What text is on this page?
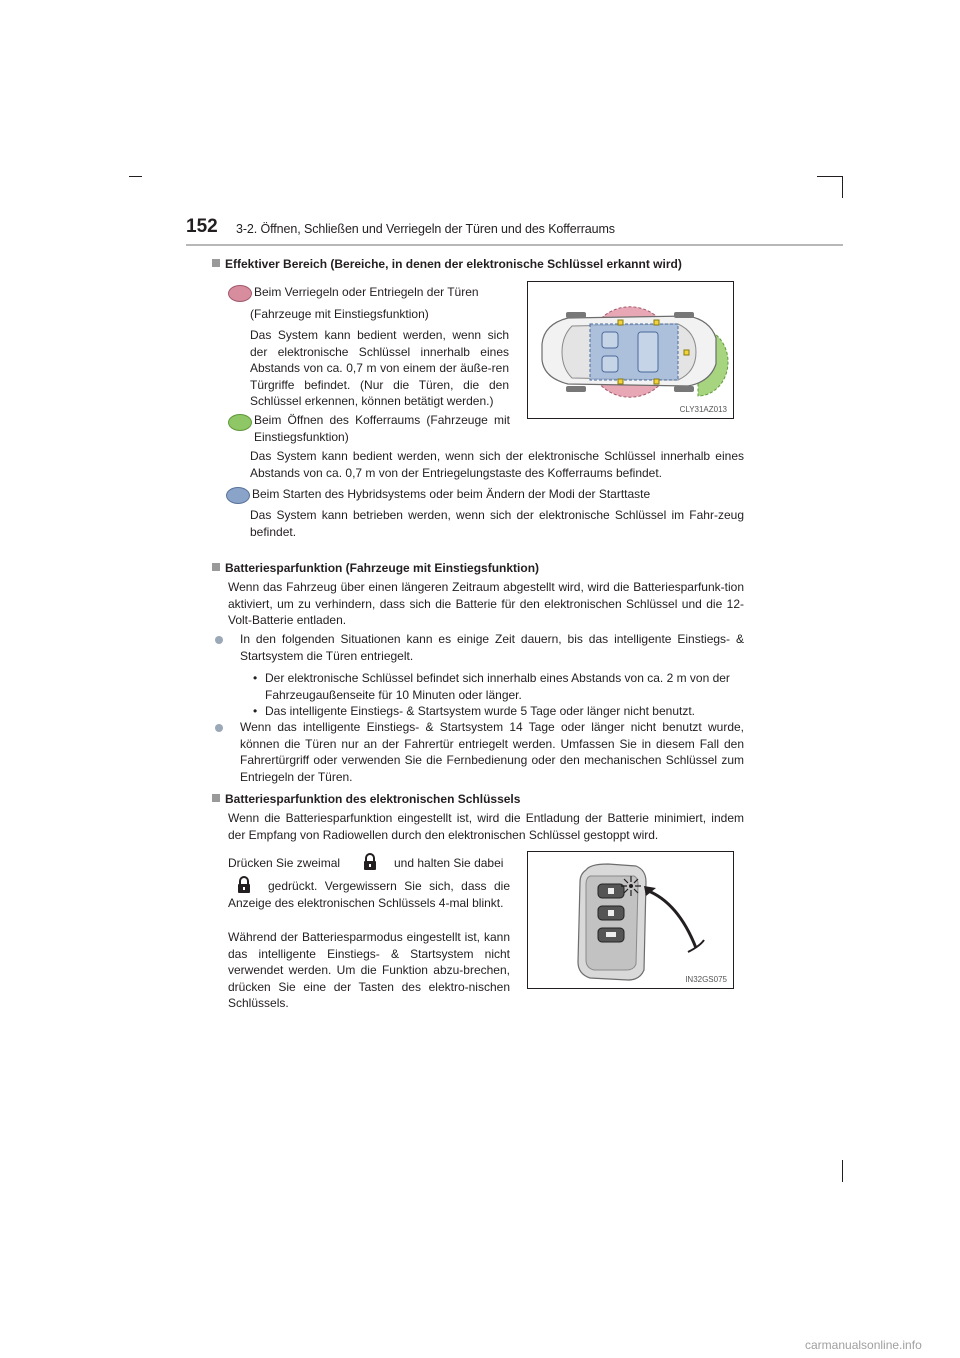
152 3-2. Öffnen, Schließen und Verriegeln der Türen und des Kofferraums
Effektiver Bereich (Bereiche, in denen der elektronische Schlüssel erkannt wird)
Beim Verriegeln oder Entriegeln der Türen
(Fahrzeuge mit Einstiegsfunktion)
Das System kann bedient werden, wenn sich der elektronische Schlüssel innerhalb eines Abstands von ca. 0,7 m von einem der äuße-ren Türgriffe befindet. (Nur die Türen, die den Schlüssel erkennen, können betätigt werden.)
Beim Öffnen des Kofferraums (Fahrzeuge mit Einstiegsfunktion)
Das System kann bedient werden, wenn sich der elektronische Schlüssel innerhalb eines Abstands von ca. 0,7 m von der Entriegelungstaste des Kofferraums befindet.
Beim Starten des Hybridsystems oder beim Ändern der Modi der Starttaste
Das System kann betrieben werden, wenn sich der elektronische Schlüssel im Fahr-zeug befindet.
CLY31AZ013
Batteriesparfunktion (Fahrzeuge mit Einstiegsfunktion)
Wenn das Fahrzeug über einen längeren Zeitraum abgestellt wird, wird die Batteriesparfunk-tion aktiviert, um zu verhindern, dass sich die Batterie für den elektronischen Schlüssel und die 12-Volt-Batterie entladen.
In den folgenden Situationen kann es einige Zeit dauern, bis das intelligente Einstiegs- & Startsystem die Türen entriegelt.
• Der elektronische Schlüssel befindet sich innerhalb eines Abstands von ca. 2 m von der Fahrzeugaußenseite für 10 Minuten oder länger.
• Das intelligente Einstiegs- & Startsystem wurde 5 Tage oder länger nicht benutzt.
Wenn das intelligente Einstiegs- & Startsystem 14 Tage oder länger nicht benutzt wurde, können die Türen nur an der Fahrertür entriegelt werden. Umfassen Sie in diesem Fall den Fahrertürgriff oder verwenden Sie die Fernbedienung oder den mechanischen Schlüssel zum Entriegeln der Türen.
Batteriesparfunktion des elektronischen Schlüssels
Wenn die Batteriesparfunktion eingestellt ist, wird die Entladung der Batterie minimiert, indem der Empfang von Radiowellen durch den elektronischen Schlüssel gestoppt wird.
Drücken Sie zweimal	und halten Sie dabei
gedrückt. Vergewissern Sie sich, dass die Anzeige des elektronischen Schlüssels 4-mal blinkt.
Während der Batteriesparmodus eingestellt ist, kann das intelligente Einstiegs- & Startsystem nicht verwendet werden. Um die Funktion abzu-brechen, drücken Sie eine der Tasten des elektro-nischen Schlüssels.
IN32GS075
carmanualsonline.info
